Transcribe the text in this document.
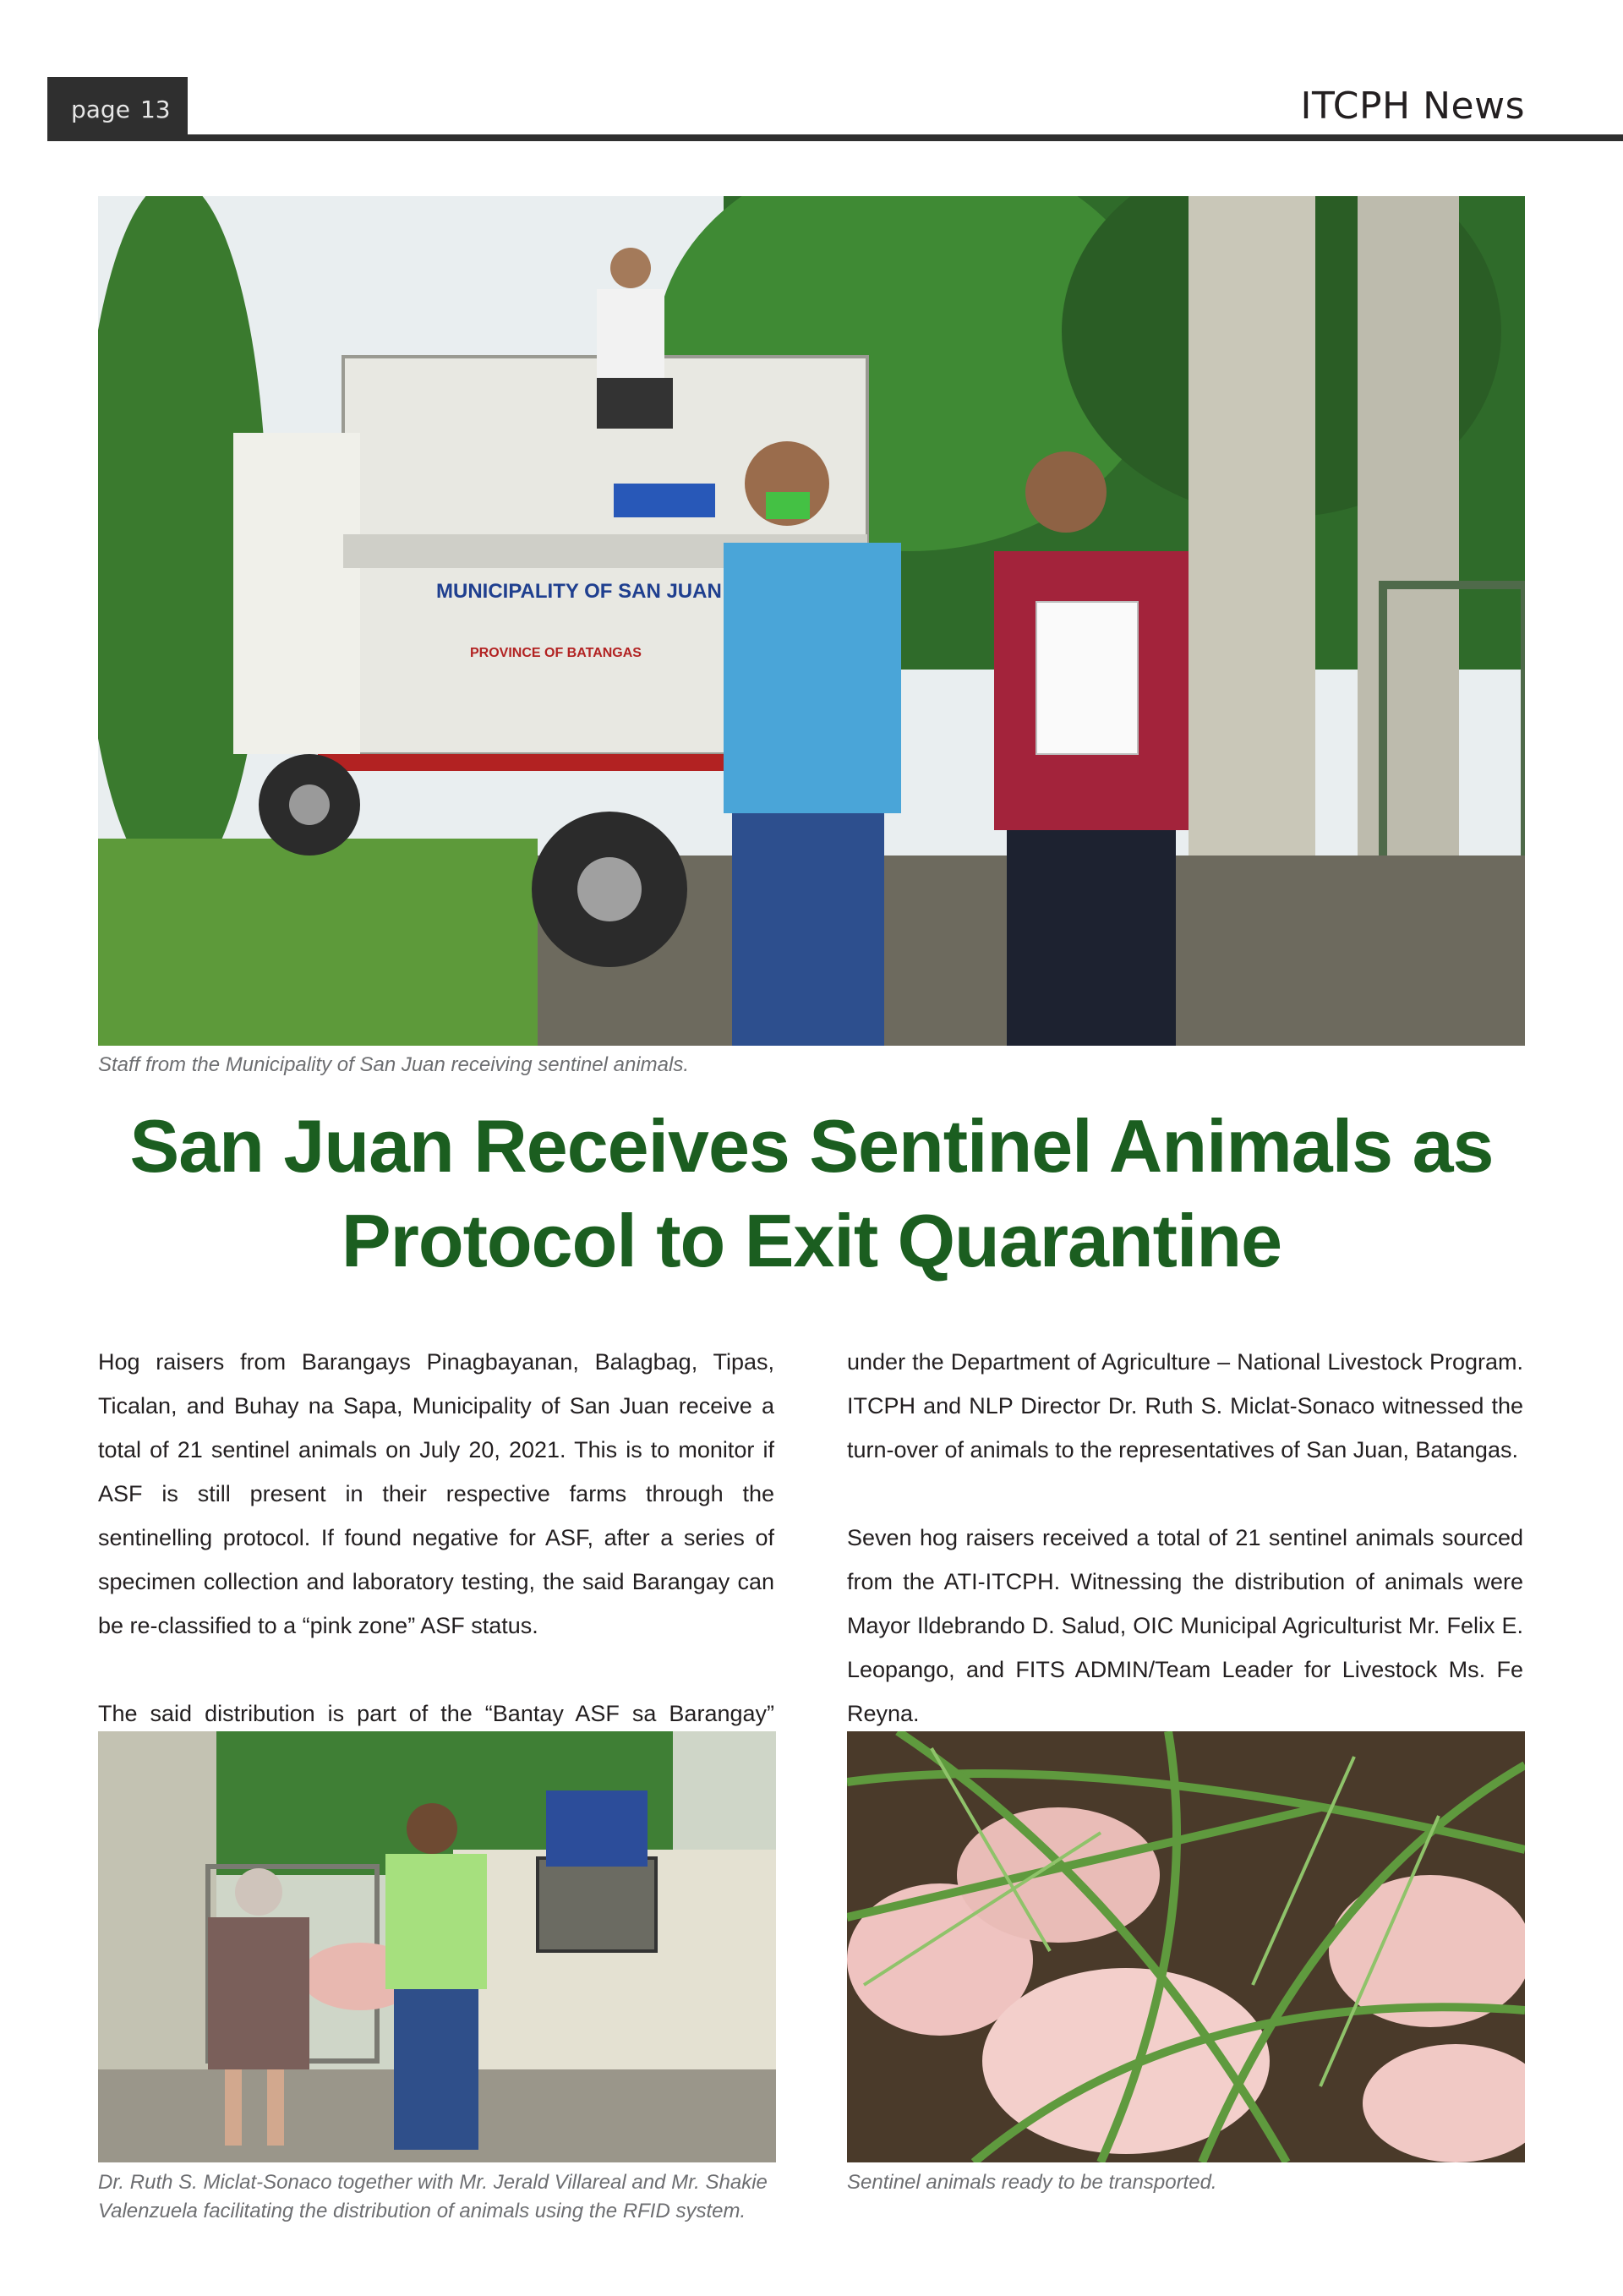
page 13	ITCPH News
MUNICIPALITY OF SAN JUAN
PROVINCE OF BATANGAS
Staff from the Municipality of San Juan receiving sentinel animals.
San Juan Receives Sentinel Animals as Protocol to Exit Quarantine

Hog raisers from Barangays Pinagbayanan, Balagbag, Tipas, Ticalan, and Buhay na Sapa, Municipality of San Juan receive a total of 21 sentinel animals on July 20, 2021. This is to monitor if ASF is still present in their respective farms through the sentinelling protocol. If found negative for ASF, after a series of specimen collection and laboratory testing, the said Barangay can be re-classified to a “pink zone” ASF status.

The said distribution is part of the “Bantay ASF sa Barangay”

under the Department of Agriculture – National Livestock Program. ITCPH and NLP Director Dr. Ruth S. Miclat-Sonaco witnessed the turn-over of animals to the representatives of San Juan, Batangas.

Seven hog raisers received a total of 21 sentinel animals sourced from the ATI-ITCPH. Witnessing the distribution of animals were Mayor Ildebrando D. Salud, OIC Municipal Agriculturist Mr. Felix E. Leopango, and FITS ADMIN/Team Leader for Livestock Ms. Fe Reyna.

Dr. Ruth S. Miclat-Sonaco together with Mr. Jerald Villareal and Mr. Shakie Valenzuela facilitating the distribution of animals using the RFID system.
Sentinel animals ready to be transported.
